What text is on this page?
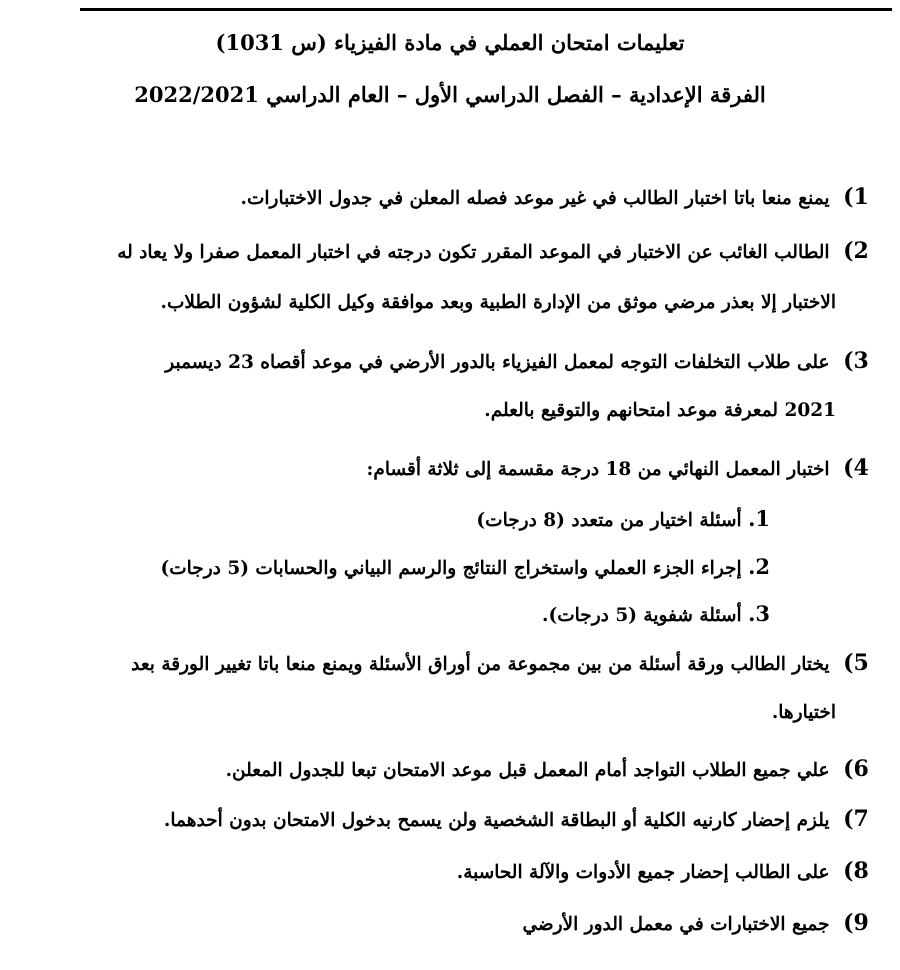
تعليمات امتحان العملي في مادة الفيزياء (س 1031)
الفرقة الإعدادية – الفصل الدراسي الأول – العام الدراسي 2022/2021
1) يمنع منعا باتا اختبار الطالب في غير موعد فصله المعلن في جدول الاختبارات.
2) الطالب الغائب عن الاختبار في الموعد المقرر تكون درجته في اختبار المعمل صفرا ولا يعاد له
الاختبار إلا بعذر مرضي موثق من الإدارة الطبية وبعد موافقة وكيل الكلية لشؤون الطلاب.
3) على طلاب التخلفات التوجه لمعمل الفيزياء بالدور الأرضي في موعد أقصاه 23 ديسمبر
2021 لمعرفة موعد امتحانهم والتوقيع بالعلم.
4) اختبار المعمل النهائي من 18 درجة مقسمة إلى ثلاثة أقسام:
1. أسئلة اختيار من متعدد (8 درجات)
2. إجراء الجزء العملي واستخراج النتائج والرسم البياني والحسابات (5 درجات)
3. أسئلة شفوية (5 درجات).
5) يختار الطالب ورقة أسئلة من بين مجموعة من أوراق الأسئلة ويمنع منعا باتا تغيير الورقة بعد
اختيارها.
6) علي جميع الطلاب التواجد أمام المعمل قبل موعد الامتحان تبعا للجدول المعلن.
7) يلزم إحضار كارنيه الكلية أو البطاقة الشخصية ولن يسمح بدخول الامتحان بدون أحدهما.
8) على الطالب إحضار جميع الأدوات والآلة الحاسبة.
9) جميع الاختبارات في معمل الدور الأرضي
